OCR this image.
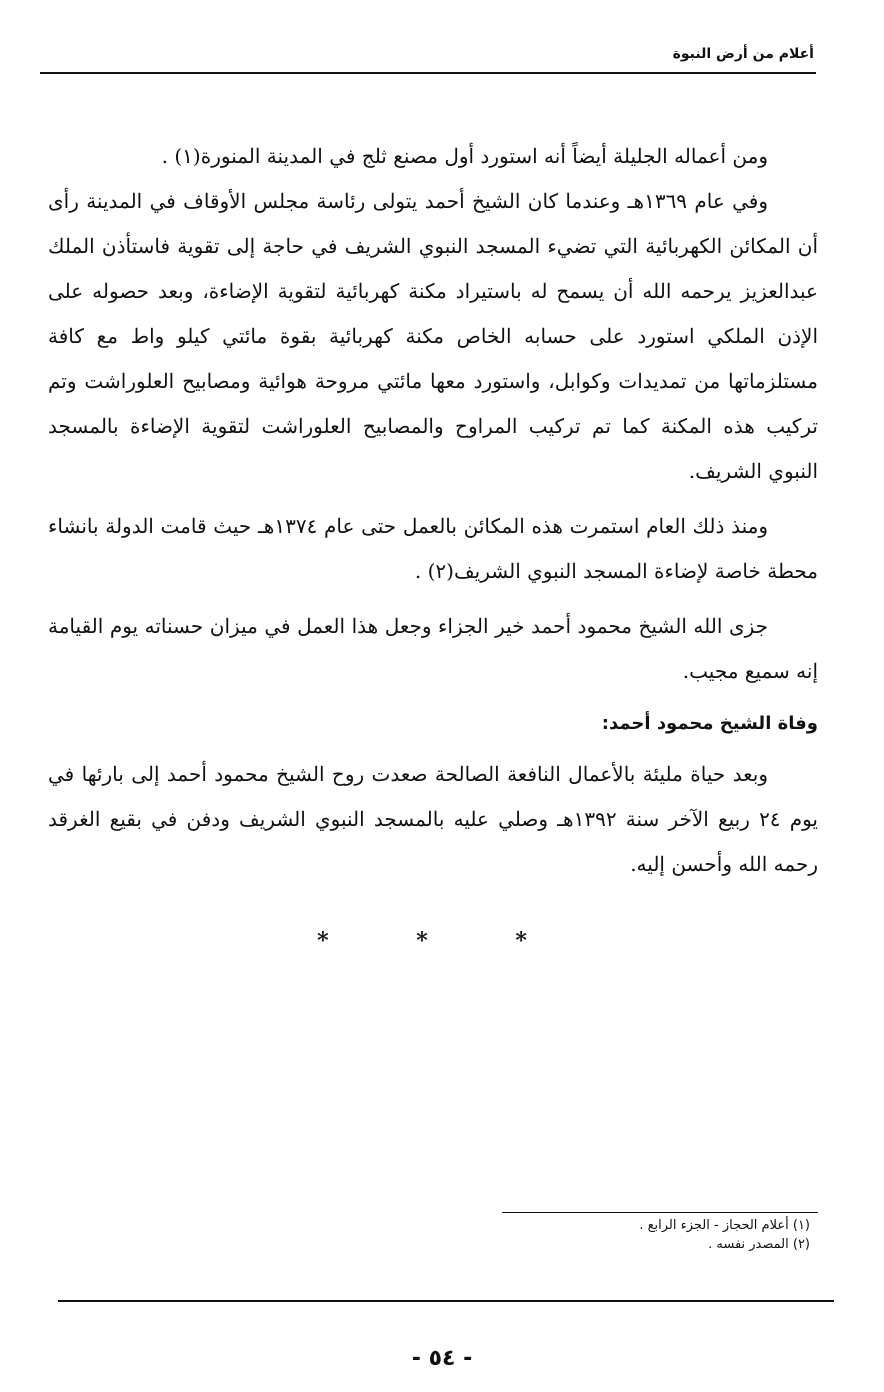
أعلام من أرض النبوة

ومن أعماله الجليلة أيضاً أنه استورد أول مصنع ثلج في المدينة المنورة(١) .

وفي عام ١٣٦٩هـ وعندما كان الشيخ أحمد يتولى رئاسة مجلس الأوقاف في المدينة رأى أن المكائن الكهربائية التي تضيء المسجد النبوي الشريف في حاجة إلى تقوية فاستأذن الملك عبدالعزيز يرحمه الله أن يسمح له باستيراد مكنة كهربائية لتقوية الإضاءة، وبعد حصوله على الإذن الملكي استورد على حسابه الخاص مكنة كهربائية بقوة مائتي كيلو واط مع كافة مستلزماتها من تمديدات وكوابل، واستورد معها مائتي مروحة هوائية ومصابيح العلوراشت وتم تركيب هذه المكنة كما تم تركيب المراوح والمصابيح العلوراشت لتقوية الإضاءة بالمسجد النبوي الشريف.

ومنذ ذلك العام استمرت هذه المكائن بالعمل حتى عام ١٣٧٤هـ حيث قامت الدولة بانشاء محطة خاصة لإضاءة المسجد النبوي الشريف(٢) .

جزى الله الشيخ محمود أحمد خير الجزاء وجعل هذا العمل في ميزان حسناته يوم القيامة إنه سميع مجيب.

وفاة الشيخ محمود أحمد:

وبعد حياة مليئة بالأعمال النافعة الصالحة صعدت روح الشيخ محمود أحمد إلى بارئها في يوم ٢٤ ربيع الآخر سنة ١٣٩٢هـ وصلي عليه بالمسجد النبوي الشريف ودفن في بقيع الغرقد رحمه الله وأحسن إليه.

* * *
(١) أعلام الحجاز - الجزء الرابع .
(٢) المصدر نفسه .
- ٥٤ -
